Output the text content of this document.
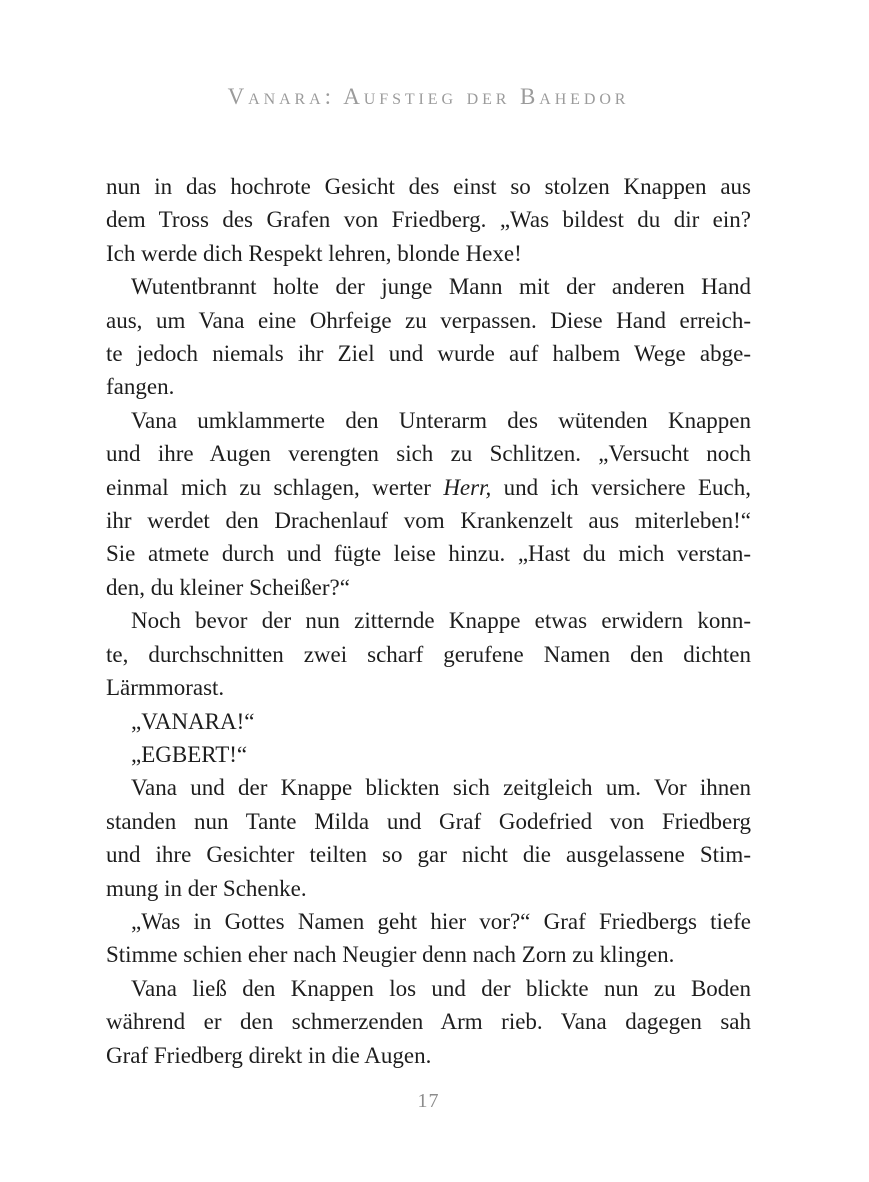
Vanara: Aufstieg der Bahedor
nun in das hochrote Gesicht des einst so stolzen Knappen aus
dem Tross des Grafen von Friedberg. „Was bildest du dir ein?
Ich werde dich Respekt lehren, blonde Hexe!
Wutentbrannt holte der junge Mann mit der anderen Hand
aus, um Vana eine Ohrfeige zu verpassen. Diese Hand erreich-
te jedoch niemals ihr Ziel und wurde auf halbem Wege abge-
fangen.
Vana umklammerte den Unterarm des wütenden Knappen
und ihre Augen verengten sich zu Schlitzen. „Versucht noch
einmal mich zu schlagen, werter Herr, und ich versichere Euch,
ihr werdet den Drachenlauf vom Krankenzelt aus miterleben!“
Sie atmete durch und fügte leise hinzu. „Hast du mich verstan-
den, du kleiner Scheißer?“
Noch bevor der nun zitternde Knappe etwas erwidern konn-
te, durchschnitten zwei scharf gerufene Namen den dichten
Lärmmorast.
„VANARA!“
„EGBERT!“
Vana und der Knappe blickten sich zeitgleich um. Vor ihnen
standen nun Tante Milda und Graf Godefried von Friedberg
und ihre Gesichter teilten so gar nicht die ausgelassene Stim-
mung in der Schenke.
„Was in Gottes Namen geht hier vor?“ Graf Friedbergs tiefe
Stimme schien eher nach Neugier denn nach Zorn zu klingen.
Vana ließ den Knappen los und der blickte nun zu Boden
während er den schmerzenden Arm rieb. Vana dagegen sah
Graf Friedberg direkt in die Augen.
17
